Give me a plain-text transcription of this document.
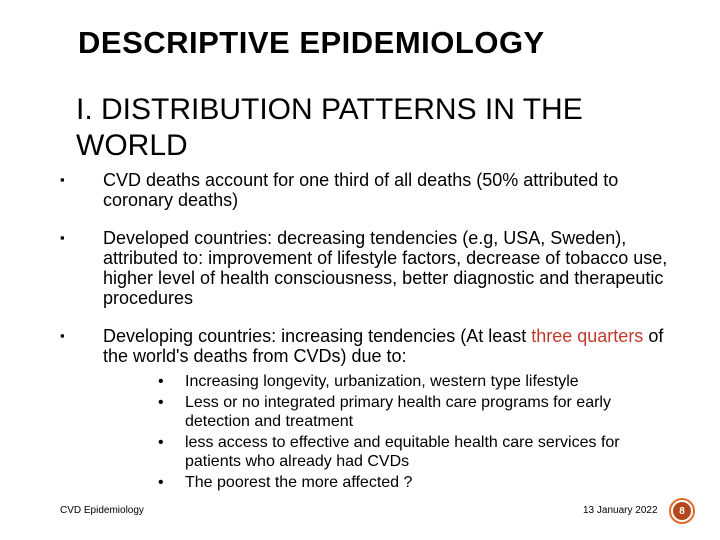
DESCRIPTIVE EPIDEMIOLOGY
I. DISTRIBUTION PATTERNS IN THE WORLD
▪ CVD deaths account for one third of all deaths (50% attributed to coronary deaths)
▪ Developed countries: decreasing tendencies (e.g, USA, Sweden), attributed to: improvement of lifestyle factors, decrease of tobacco use, higher level of health consciousness, better diagnostic and therapeutic procedures
▪ Developing countries: increasing tendencies (At least three quarters of the world's deaths from CVDs) due to:
• Increasing longevity, urbanization, western type lifestyle
• Less or no integrated primary health care programs for early detection and treatment
• less access to effective and equitable health care services for patients who already had CVDs
• The poorest the more affected ?
CVD Epidemiology	13 January 2022	8
